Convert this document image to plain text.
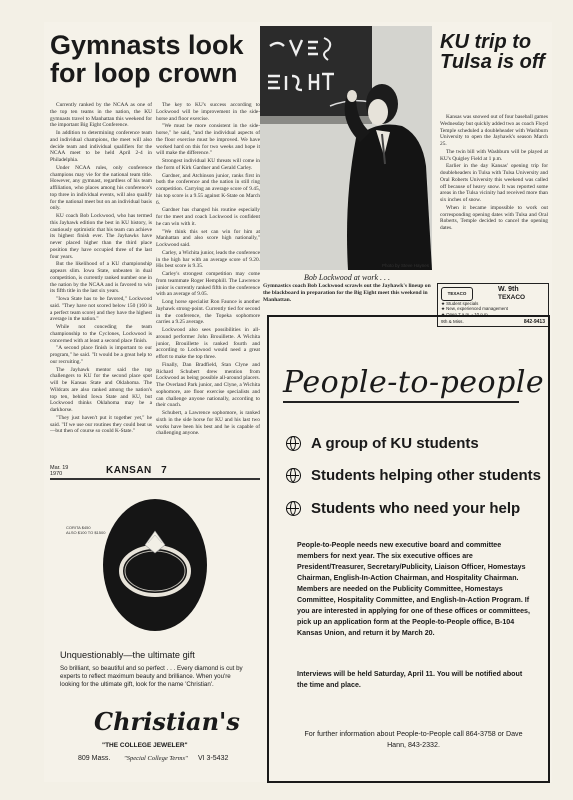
Gymnasts look for loop crown

Currently ranked by the NCAA as one of the top ten teams in the nation, the KU gymnasts travel to Manhattan this weekend for the important Big Eight Conference.

In addition to determining conference team and individual champions, the meet will also decide team and individual qualifiers for the NCAA meet to be held April 2-4 in Philadelphia.

Under NCAA rules, only conference champions may vie for the national team title. However, any gymnast, regardless of his team affiliation, who places among his conference's top three in individual events, will also qualify for the national meet but on an individual basis only.

KU coach Bob Lockwood, who has termed this Jayhawk edition the best in KU history, is cautiously optimistic that his team can achieve its highest finish ever. The Jayhawks have never placed higher than the third place position they have occupied three of the last four years.

But the likelihood of a KU championship appears slim. Iowa State, unbeaten in dual competition, is currently ranked number one in the nation by the NCAA and is favored to win its fifth title in the last six years.

"Iowa State has to be favored," Lockwood said. "They have not scored below 150 (160 is a perfect team score) and they have the highest average in the nation."

While not conceding the team championship to the Cyclones, Lockwood is concerned with at least a second place finish.

"A second place finish is important to our program," he said. "It would be a great help to our recruiting."

The Jayhawk mentor said the top challengers to KU for the second place spot will be Kansas State and Oklahoma. The Wildcats are also ranked among the nation's top ten, behind Iowa State and KU, but Lockwood thinks Oklahoma may be a darkhorse.

"They just haven't put it together yet," he said. "If we use our routines they could beat us—but then of course so could K-State."

The key to KU's success according to Lockwood will be improvement in the side-horse and floor exercise.

"We must be more consistent in the side-horse," he said, "and the individual aspects of the floor exercise must be improved. We have worked hard on this for two weeks and hope it will make the difference."

Strongest individual KU threats will come in the form of Kirk Gardner and Gerald Carley.

Gardner, and Atchinson junior, ranks first in both the conference and the nation in still ring competition. Carrying an average score of 9.45, his top score is a 9.55 against K-State on March 6.

Gardner has changed his routine especially for the meet and coach Lockwood is confident he can win with it.

"We think this set can win for him at Manhattan and also score high nationally," Lockwood said.

Carley, a Wichita junior, leads the conference in the high bar with an average score of 9.20. His best score is 9.35.

Carley's strongest competition may come from teammate Roger Hemphill. The Lawrence junior is currently ranked fifth in the conference with an average of 9.05.

Long horse specialist Ron Faunce is another Jayhawk strong-point. Currently tied for second in the conference, the Topeka sophomore carries a 9.25 average.

Lockwood also sees possibilities in all-around performer John Brouillette. A Wichita junior, Brouillette is ranked fourth and according to Lockwood would need a great effort to make the top three.

Finally, Dan Bradfield, Stan Clyne and Richard Schubert drew mention from Lockwood as being possible all-around placers. The Overland Park junior, and Clyne, a Wichita sophomore, are floor exercise specialists and can challenge anyone nationally, according to their coach.

Schubert, a Lawrence sophomore, is ranked sixth in the side horse for KU and his last two works have been his best and he is capable of challenging anyone.

Photo by Steve Haynes
Bob Lockwood at work . . .
Gymnastics coach Bob Lockwood scrawls out the Jayhawk's lineup on the blackboard in preparation for the Big Eight meet this weekend in Manhattan.
KU trip to Tulsa is off

Kansas was snowed out of four baseball games Wednesday but quickly added two as coach Floyd Temple scheduled a doubleheader with Washburn University to open the Jayhawk's season March 25.

The twin bill with Washburn will be played at KU's Quigley Field at 1 p.m.

Earlier in the day Kansas' opening trip for doubleheaders in Tulsa with Tulsa University and Oral Roberts University this weekend was called off because of heavy snow. It was reported some areas in the Tulsa vicinity had received more than six inches of snow.

When it became impossible to work out corresponding opening dates with Tulsa and Oral Roberts, Temple decided to cancel the opening dates.

TEXACO
W. 9th
TEXACO
★ Student specials
★ New, experienced management
★ Open 7 a.m. - 10 p.m.
9th & Miss.	842-9413
Mar. 19
1970	KANSAN 7
CORITA $450
ALSO $100 TO $1500
Unquestionably—the ultimate gift
So brilliant, so beautiful and so perfect . . . Every diamond is cut by experts to reflect maximum beauty and brilliance. When you're looking for the ultimate gift, look for the name 'Christian'.
Christian's
"THE COLLEGE JEWELER"
809 Mass. "Special College Terms" VI 3-5432
People-to-people
A group of KU students
Students helping other students
Students who need your help
People-to-People needs new executive board and committee members for next year. The six executive offices are President/Treasurer, Secretary/Publicity, Liaison Officer, Homestays Chairman, English-In-Action Chairman, and Hospitality Chairman. Members are needed on the Publicity Committee, Homestays Committee, Hospitality Committee, and English-In-Action Program. If you are interested in applying for one of these offices or committees, pick up an application form at the People-to-People office, B-104 Kansas Union, and return it by March 20.
Interviews will be held Saturday, April 11. You will be notified about the time and place.
For further information about People-to-People call 864-3758 or Dave Hann, 843-2332.
